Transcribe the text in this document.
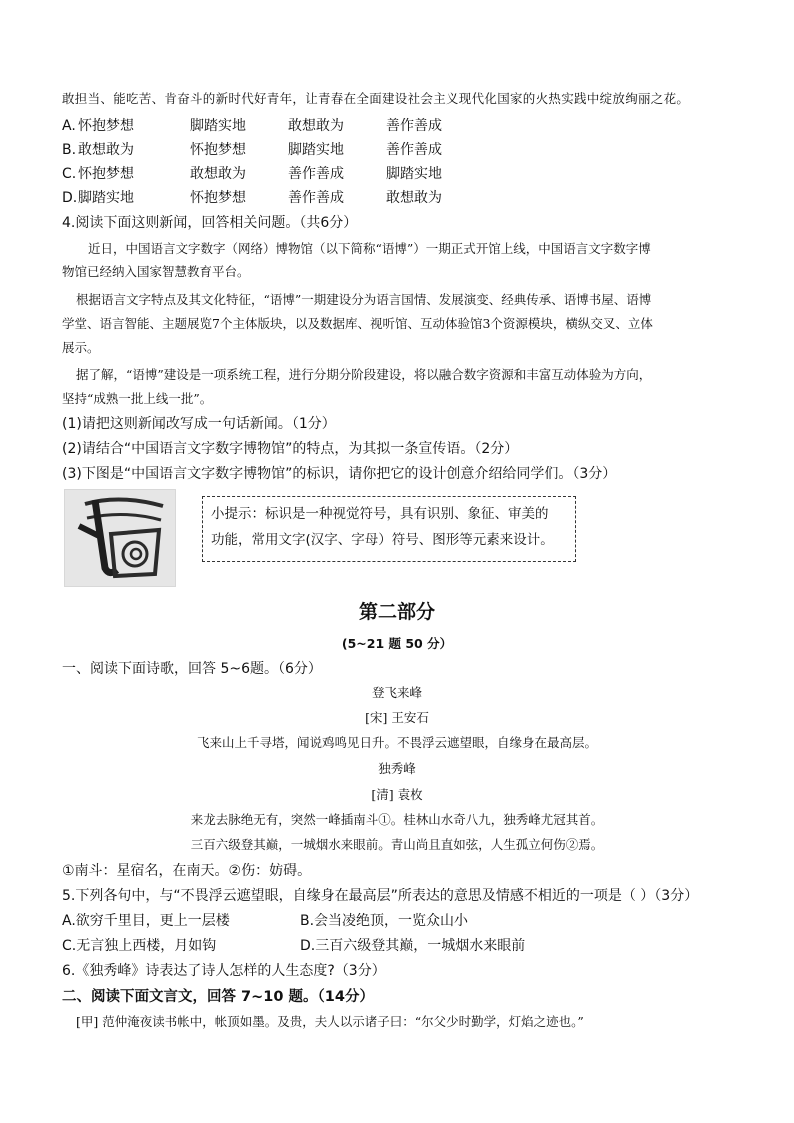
敢担当、能吃苦、肯奋斗的新时代好青年，让青春在全面建设社会主义现代化国家的火热实践中绽放绚丽之花。
A. 怀抱梦想	脚踏实地	敢想敢为	善作善成
B. 敢想敢为	怀抱梦想	脚踏实地	善作善成
C. 怀抱梦想	敢想敢为	善作善成	脚踏实地
D. 脚踏实地	怀抱梦想	善作善成	敢想敢为
4.阅读下面这则新闻，回答相关问题。（共6分）
近日，中国语言文字数字（网络）博物馆（以下简称“语博”）一期正式开馆上线，中国语言文字数字博
物馆已经纳入国家智慧教育平台。
根据语言文字特点及其文化特征，“语博”一期建设分为语言国情、发展演变、经典传承、语博书屋、语博
学堂、语言智能、主题展览7个主体版块，以及数据库、视听馆、互动体验馆3个资源模块，横纵交叉、立体
展示。
据了解，“语博”建设是一项系统工程，进行分期分阶段建设，将以融合数字资源和丰富互动体验为方向，
坚持“成熟一批上线一批”。
(1)请把这则新闻改写成一句话新闻。（1分）
(2)请结合“中国语言文字数字博物馆”的特点，为其拟一条宣传语。（2分）
(3)下图是“中国语言文字数字博物馆”的标识，请你把它的设计创意介绍给同学们。（3分）
小提示：标识是一种视觉符号，具有识别、象征、审美的
功能，常用文字(汉字、字母）符号、图形等元素来设计。
第二部分
(5~21 题 50 分）
一、阅读下面诗歌，回答 5~6题。（6分）
登飞来峰
[宋] 王安石
飞来山上千寻塔，闻说鸡鸣见日升。不畏浮云遮望眼，自缘身在最高层。
独秀峰
[清] 袁枚
来龙去脉绝无有，突然一峰插南斗①。桂林山水奇八九，独秀峰尤冠其首。
三百六级登其巅，一城烟水来眼前。青山尚且直如弦，人生孤立何伤②焉。
①南斗：星宿名，在南天。②伤：妨碍。
5.下列各句中，与“不畏浮云遮望眼，自缘身在最高层”所表达的意思及情感不相近的一项是（ ）（3分）
A.欲穷千里目，更上一层楼	B.会当凌绝顶，一览众山小
C.无言独上西楼，月如钩	D.三百六级登其巅，一城烟水来眼前
6.《独秀峰》诗表达了诗人怎样的人生态度?（3分）
二、阅读下面文言文，回答 7~10 题。（14分）
[甲] 范仲淹夜读书帐中，帐顶如墨。及贵，夫人以示诸子曰：“尔父少时勤学，灯焰之迹也。”
